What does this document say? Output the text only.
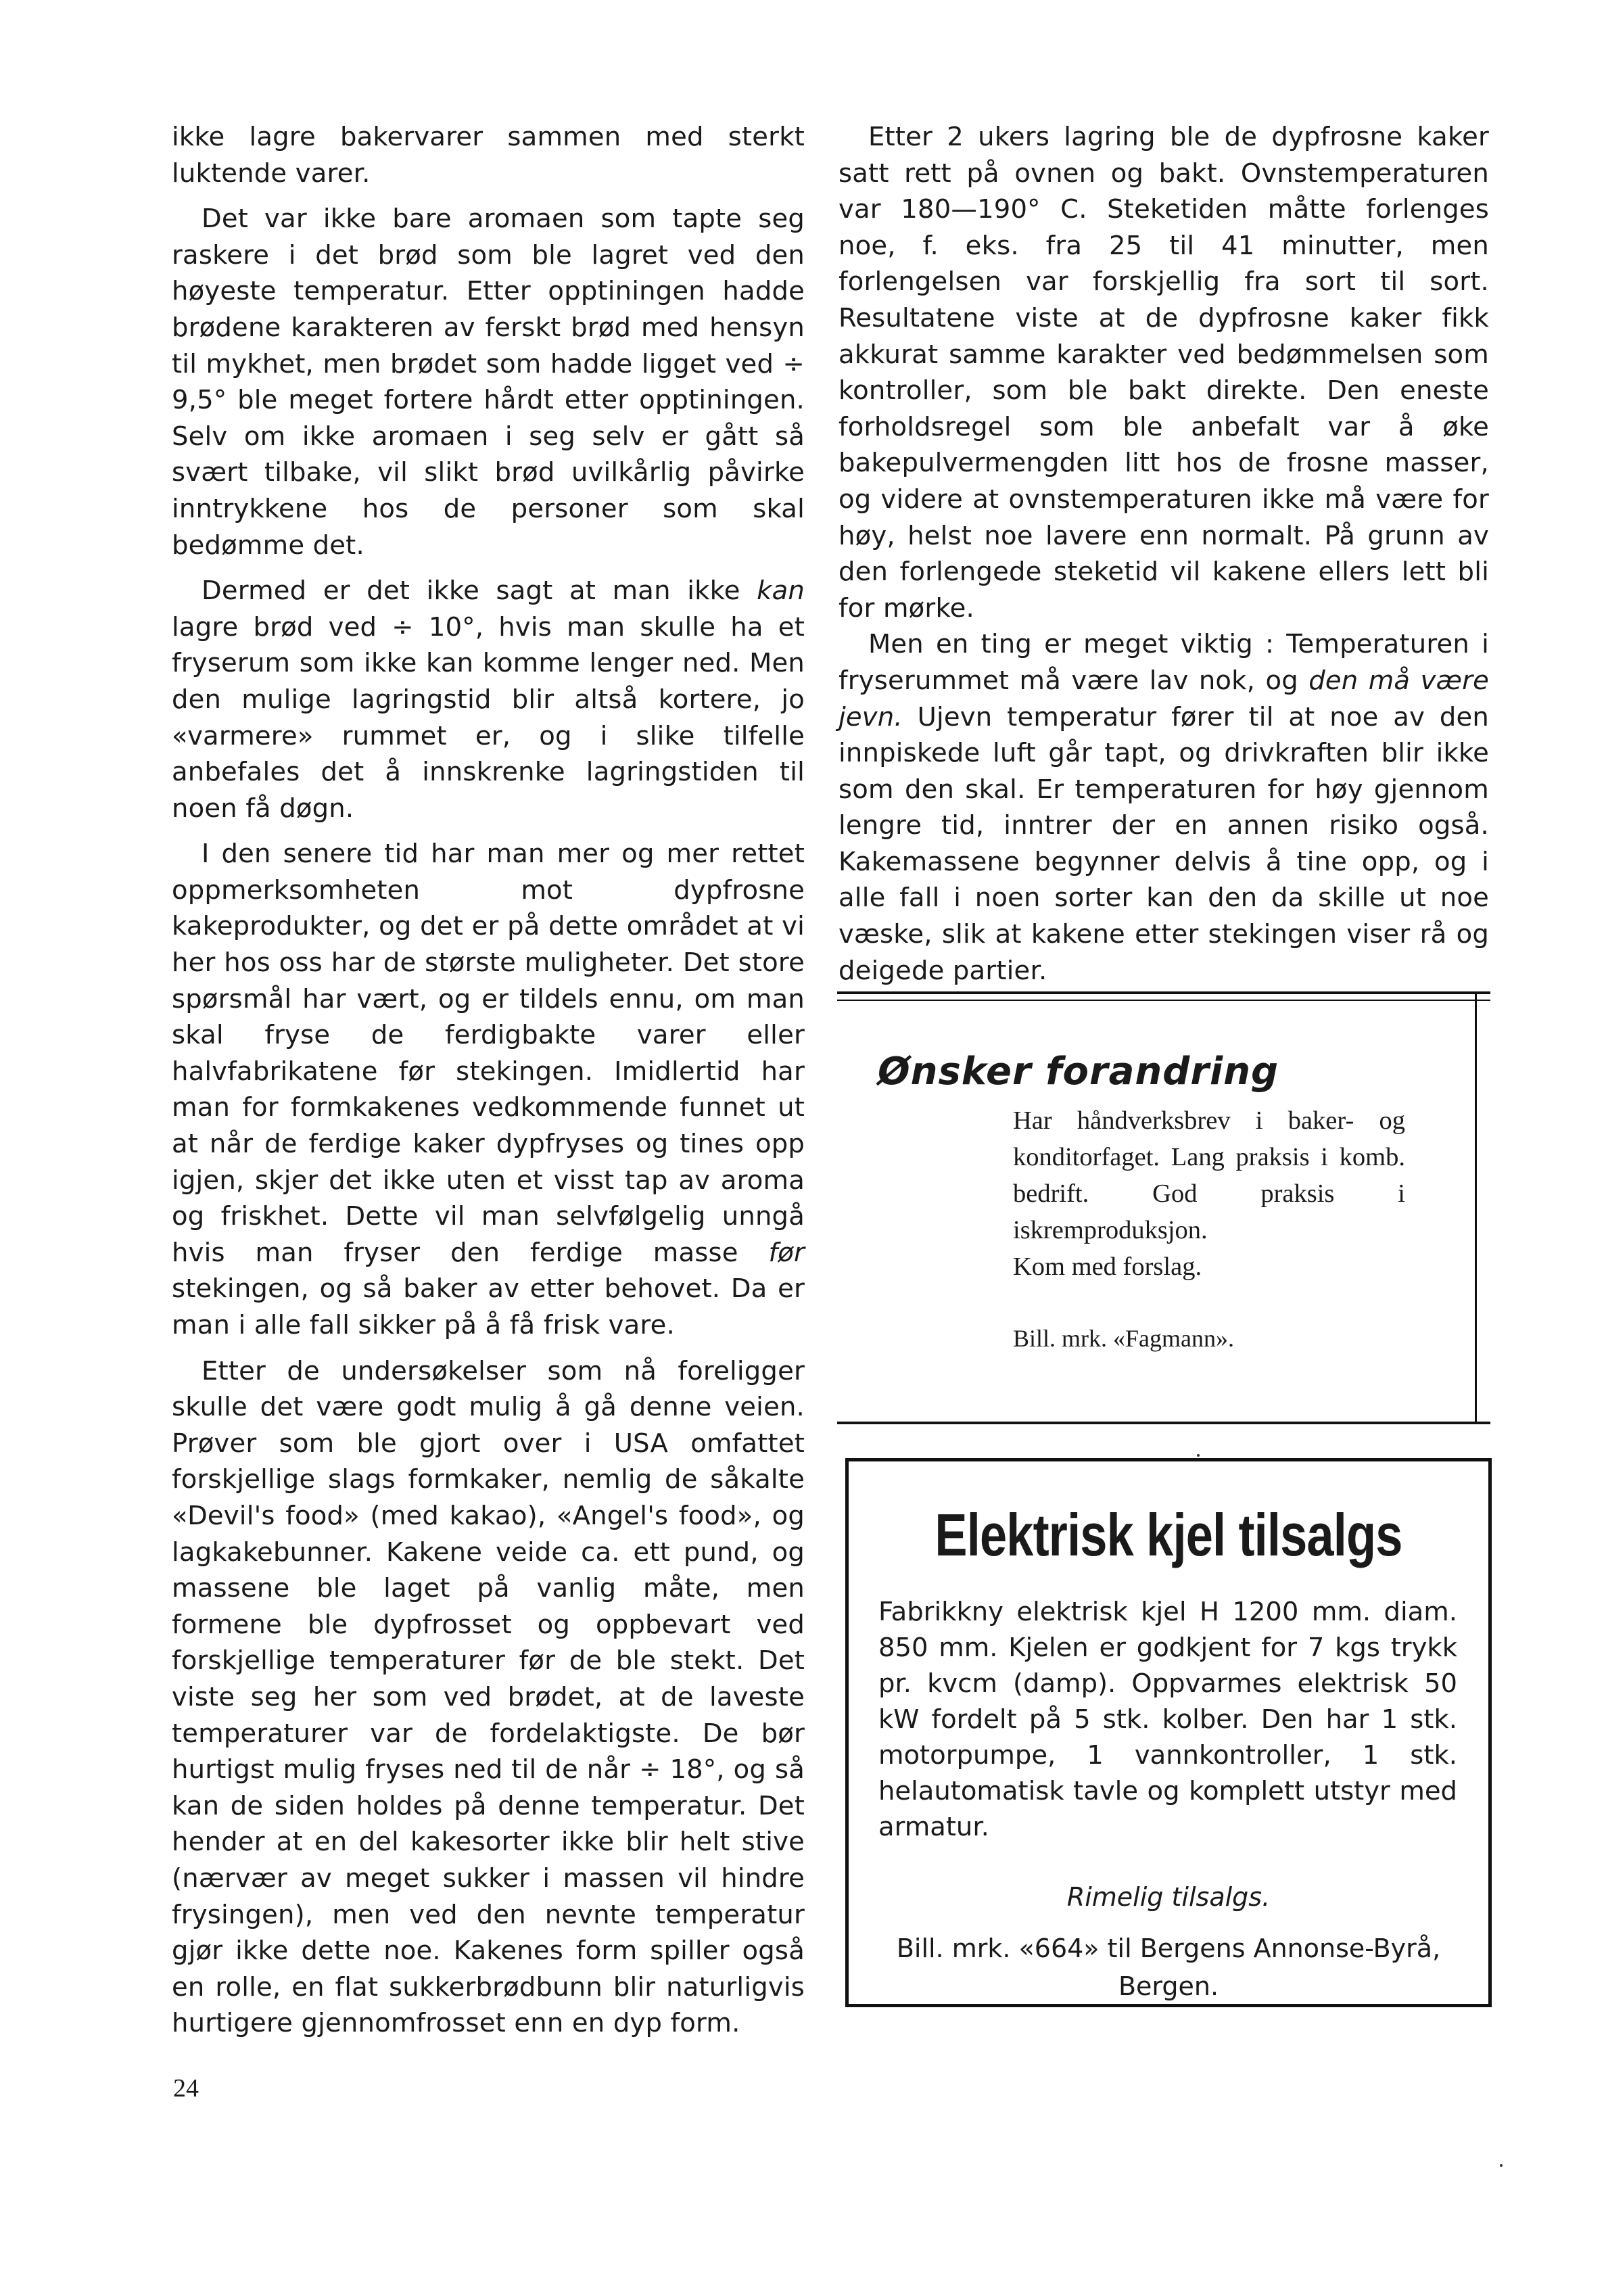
ikke lagre bakervarer sammen med sterkt luktende varer.

Det var ikke bare aromaen som tapte seg raskere i det brød som ble lagret ved den høyeste temperatur. Etter opptiningen hadde brødene karakteren av ferskt brød med hensyn til mykhet, men brødet som hadde ligget ved ÷ 9,5° ble meget fortere hårdt etter opptiningen. Selv om ikke aromaen i seg selv er gått så svært tilbake, vil slikt brød uvilkårlig påvirke inntrykkene hos de personer som skal bedømme det.

Dermed er det ikke sagt at man ikke kan lagre brød ved ÷ 10°, hvis man skulle ha et fryserum som ikke kan komme lenger ned. Men den mulige lagringstid blir altså kortere, jo «varmere» rummet er, og i slike tilfelle anbefales det å innskrenke lagringstiden til noen få døgn.

I den senere tid har man mer og mer rettet oppmerksomheten mot dypfrosne kakeprodukter, og det er på dette området at vi her hos oss har de største muligheter. Det store spørsmål har vært, og er tildels ennu, om man skal fryse de ferdigbakte varer eller halvfabrikatene før stekingen. Imidlertid har man for formkakenes vedkommende funnet ut at når de ferdige kaker dypfryses og tines opp igjen, skjer det ikke uten et visst tap av aroma og friskhet. Dette vil man selvfølgelig unngå hvis man fryser den ferdige masse før stekingen, og så baker av etter behovet. Da er man i alle fall sikker på å få frisk vare.

Etter de undersøkelser som nå foreligger skulle det være godt mulig å gå denne veien. Prøver som ble gjort over i USA omfattet forskjellige slags formkaker, nemlig de såkalte «Devil's food» (med kakao), «Angel's food», og lagkakebunner. Kakene veide ca. ett pund, og massene ble laget på vanlig måte, men formene ble dypfrosset og oppbevart ved forskjellige temperaturer før de ble stekt. Det viste seg her som ved brødet, at de laveste temperaturer var de fordelaktigste. De bør hurtigst mulig fryses ned til de når ÷ 18°, og så kan de siden holdes på denne temperatur. Det hender at en del kakesorter ikke blir helt stive (nærvær av meget sukker i massen vil hindre frysingen), men ved den nevnte temperatur gjør ikke dette noe. Kakenes form spiller også en rolle, en flat sukkerbrødbunn blir naturligvis hurtigere gjennomfrosset enn en dyp form.

Etter 2 ukers lagring ble de dypfrosne kaker satt rett på ovnen og bakt. Ovnstemperaturen var 180—190° C. Steketiden måtte forlenges noe, f. eks. fra 25 til 41 minutter, men forlengelsen var forskjellig fra sort til sort. Resultatene viste at de dypfrosne kaker fikk akkurat samme karakter ved bedømmelsen som kontroller, som ble bakt direkte. Den eneste forholdsregel som ble anbefalt var å øke bakepulvermengden litt hos de frosne masser, og videre at ovnstemperaturen ikke må være for høy, helst noe lavere enn normalt. På grunn av den forlengede steketid vil kakene ellers lett bli for mørke.

Men en ting er meget viktig : Temperaturen i fryserummet må være lav nok, og den må være jevn. Ujevn temperatur fører til at noe av den innpiskede luft går tapt, og drivkraften blir ikke som den skal. Er temperaturen for høy gjennom lengre tid, inntrer der en annen risiko også. Kakemassene begynner delvis å tine opp, og i alle fall i noen sorter kan den da skille ut noe væske, slik at kakene etter stekingen viser rå og deigede partier.

Ønsker forandring
Har håndverksbrev i baker- og konditorfaget. Lang praksis i komb. bedrift. God praksis i iskremproduksjon.
Kom med forslag.
Bill. mrk. «Fagmann».
Elektrisk kjel tilsalgs
Fabrikkny elektrisk kjel H 1200 mm. diam. 850 mm. Kjelen er godkjent for 7 kgs trykk pr. kvcm (damp). Oppvarmes elektrisk 50 kW fordelt på 5 stk. kolber. Den har 1 stk. motorpumpe, 1 vannkontroller, 1 stk. helautomatisk tavle og komplett utstyr med armatur.
Rimelig tilsalgs.
Bill. mrk. «664» til Bergens Annonse-Byrå,
Bergen.
24
